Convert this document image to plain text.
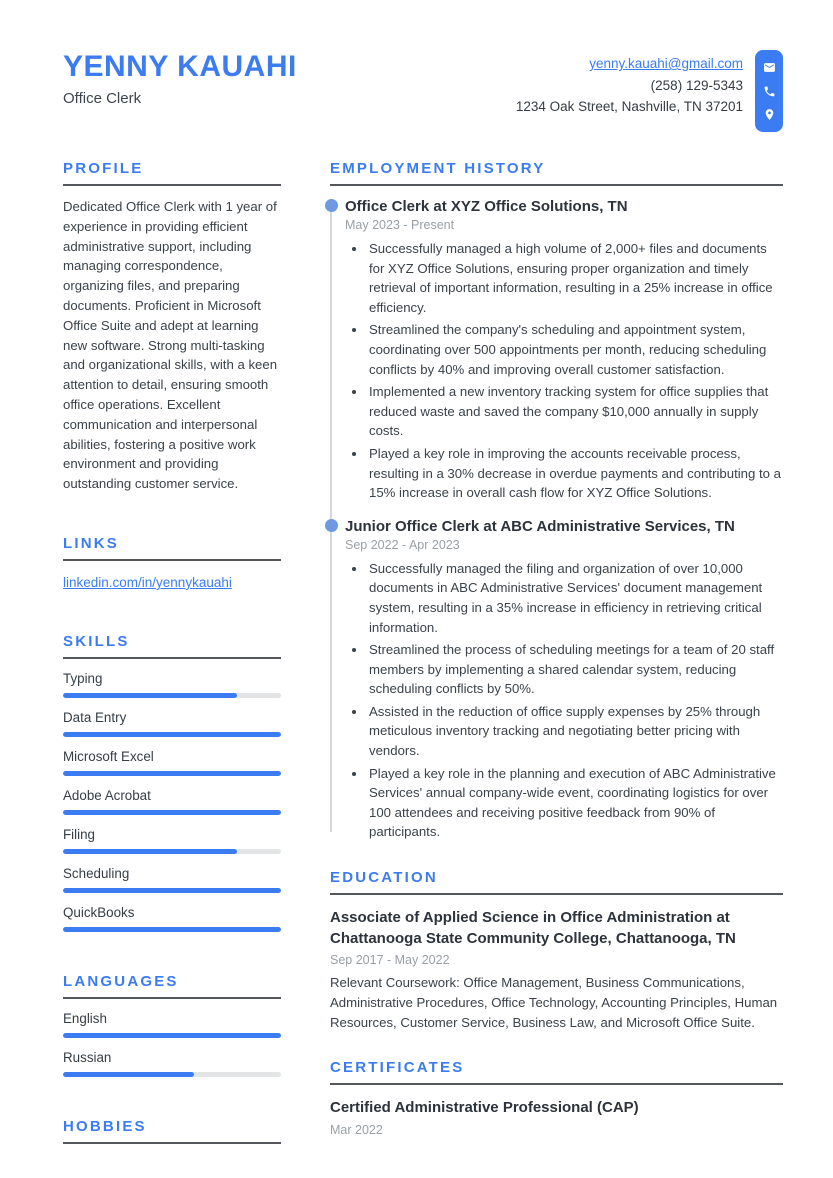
YENNY KAUAHI
Office Clerk
yenny.kauahi@gmail.com
(258) 129-5343
1234 Oak Street, Nashville, TN 37201
PROFILE

Dedicated Office Clerk with 1 year of experience in providing efficient administrative support, including managing correspondence, organizing files, and preparing documents. Proficient in Microsoft Office Suite and adept at learning new software. Strong multi-tasking and organizational skills, with a keen attention to detail, ensuring smooth office operations. Excellent communication and interpersonal abilities, fostering a positive work environment and providing outstanding customer service.

LINKS
linkedin.com/in/yennykauahi
SKILLS
Typing
Data Entry
Microsoft Excel
Adobe Acrobat
Filing
Scheduling
QuickBooks
LANGUAGES
English
Russian
HOBBIES
EMPLOYMENT HISTORY
Office Clerk at XYZ Office Solutions, TN
May 2023 - Present
• Successfully managed a high volume of 2,000+ files and documents for XYZ Office Solutions, ensuring proper organization and timely retrieval of important information, resulting in a 25% increase in office efficiency.
• Streamlined the company's scheduling and appointment system, coordinating over 500 appointments per month, reducing scheduling conflicts by 40% and improving overall customer satisfaction.
• Implemented a new inventory tracking system for office supplies that reduced waste and saved the company $10,000 annually in supply costs.
• Played a key role in improving the accounts receivable process, resulting in a 30% decrease in overdue payments and contributing to a 15% increase in overall cash flow for XYZ Office Solutions.
Junior Office Clerk at ABC Administrative Services, TN
Sep 2022 - Apr 2023
• Successfully managed the filing and organization of over 10,000 documents in ABC Administrative Services' document management system, resulting in a 35% increase in efficiency in retrieving critical information.
• Streamlined the process of scheduling meetings for a team of 20 staff members by implementing a shared calendar system, reducing scheduling conflicts by 50%.
• Assisted in the reduction of office supply expenses by 25% through meticulous inventory tracking and negotiating better pricing with vendors.
• Played a key role in the planning and execution of ABC Administrative Services' annual company-wide event, coordinating logistics for over 100 attendees and receiving positive feedback from 90% of participants.
EDUCATION
Associate of Applied Science in Office Administration at Chattanooga State Community College, Chattanooga, TN
Sep 2017 - May 2022

Relevant Coursework: Office Management, Business Communications, Administrative Procedures, Office Technology, Accounting Principles, Human Resources, Customer Service, Business Law, and Microsoft Office Suite.

CERTIFICATES
Certified Administrative Professional (CAP)
Mar 2022
